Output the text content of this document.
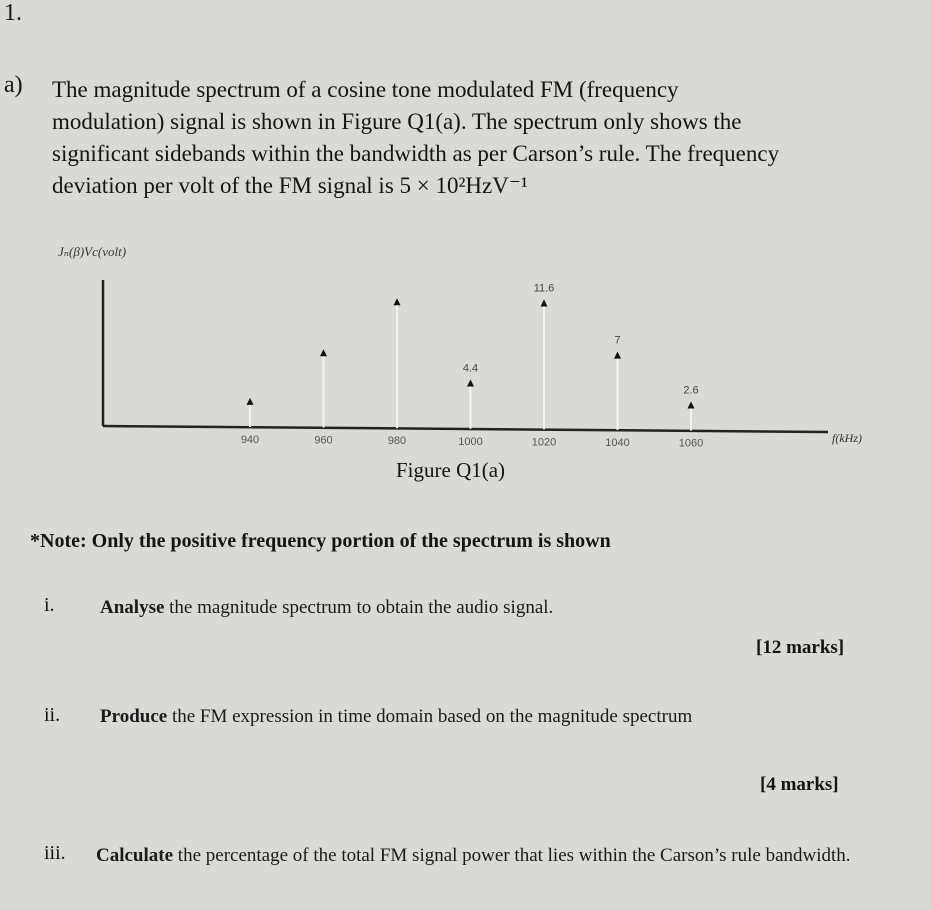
1.
a) The magnitude spectrum of a cosine tone modulated FM (frequency
modulation) signal is shown in Figure Q1(a). The spectrum only shows the
significant sidebands within the bandwidth as per Carson’s rule. The frequency
deviation per volt of the FM signal is 5 × 10²HzV⁻¹
Jₙ(β)Vc(volt)
940	960	980	1000
4.4
1020
11.6
1040
7
1060
2.6
f(kHz)
Figure Q1(a)
*Note: Only the positive frequency portion of the spectrum is shown
i. Analyse the magnitude spectrum to obtain the audio signal.
[12 marks]
ii. Produce the FM expression in time domain based on the magnitude spectrum
[4 marks]
iii. Calculate the percentage of the total FM signal power that lies within the Carson’s rule bandwidth.
